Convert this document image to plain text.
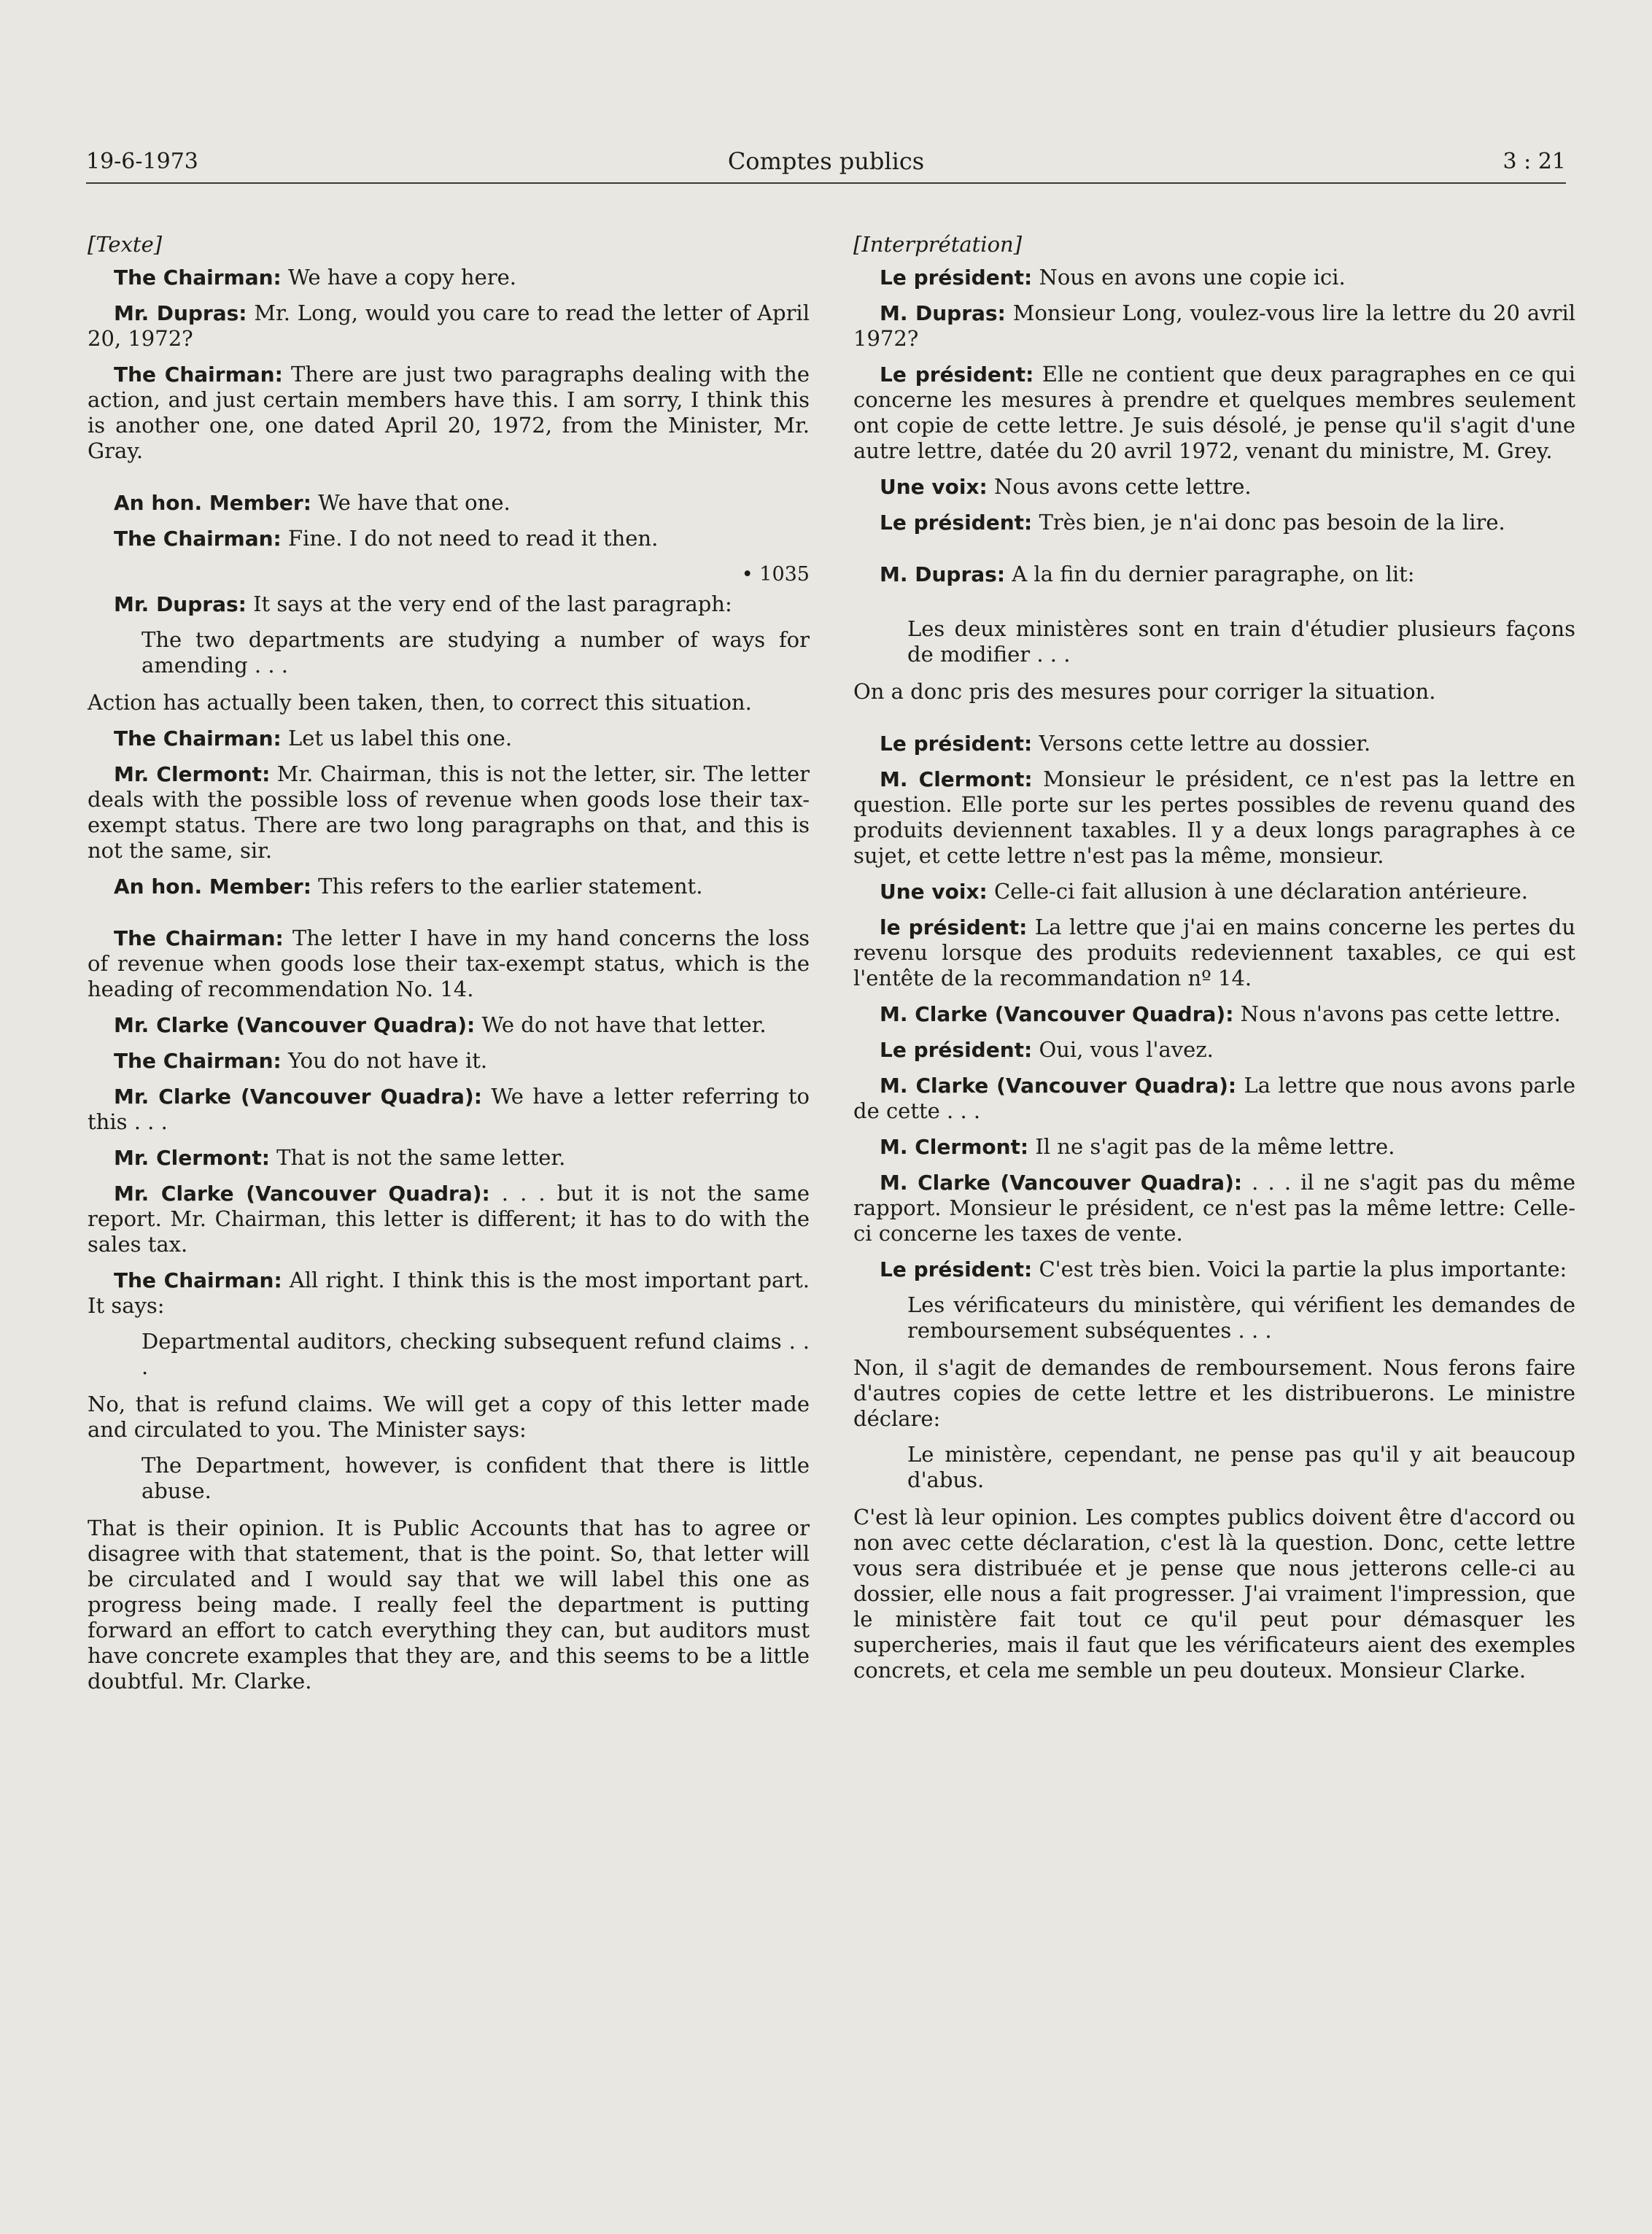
19-6-1973	Comptes publics	3 : 21
[Texte]

The Chairman: We have a copy here.

Mr. Dupras: Mr. Long, would you care to read the letter of April 20, 1972?

The Chairman: There are just two paragraphs dealing with the action, and just certain members have this. I am sorry, I think this is another one, one dated April 20, 1972, from the Minister, Mr. Gray.

An hon. Member: We have that one.

The Chairman: Fine. I do not need to read it then.

• 1035

Mr. Dupras: It says at the very end of the last paragraph:

The two departments are studying a number of ways for amending . . .

Action has actually been taken, then, to correct this situation.

The Chairman: Let us label this one.

Mr. Clermont: Mr. Chairman, this is not the letter, sir. The letter deals with the possible loss of revenue when goods lose their tax-exempt status. There are two long paragraphs on that, and this is not the same, sir.

An hon. Member: This refers to the earlier statement.

The Chairman: The letter I have in my hand concerns the loss of revenue when goods lose their tax-exempt status, which is the heading of recommendation No. 14.

Mr. Clarke (Vancouver Quadra): We do not have that letter.

The Chairman: You do not have it.

Mr. Clarke (Vancouver Quadra): We have a letter referring to this . . .

Mr. Clermont: That is not the same letter.

Mr. Clarke (Vancouver Quadra): . . . but it is not the same report. Mr. Chairman, this letter is different; it has to do with the sales tax.

The Chairman: All right. I think this is the most important part. It says:

Departmental auditors, checking subsequent refund claims . . .

No, that is refund claims. We will get a copy of this letter made and circulated to you. The Minister says:

The Department, however, is confident that there is little abuse.

That is their opinion. It is Public Accounts that has to agree or disagree with that statement, that is the point. So, that letter will be circulated and I would say that we will label this one as progress being made. I really feel the department is putting forward an effort to catch everything they can, but auditors must have concrete examples that they are, and this seems to be a little doubtful. Mr. Clarke.

[Interprétation]

Le président: Nous en avons une copie ici.

M. Dupras: Monsieur Long, voulez-vous lire la lettre du 20 avril 1972?

Le président: Elle ne contient que deux paragraphes en ce qui concerne les mesures à prendre et quelques membres seulement ont copie de cette lettre. Je suis désolé, je pense qu'il s'agit d'une autre lettre, datée du 20 avril 1972, venant du ministre, M. Grey.

Une voix: Nous avons cette lettre.

Le président: Très bien, je n'ai donc pas besoin de la lire.

M. Dupras: A la fin du dernier paragraphe, on lit:

Les deux ministères sont en train d'étudier plusieurs façons de modifier . . .

On a donc pris des mesures pour corriger la situation.

Le président: Versons cette lettre au dossier.

M. Clermont: Monsieur le président, ce n'est pas la lettre en question. Elle porte sur les pertes possibles de revenu quand des produits deviennent taxables. Il y a deux longs paragraphes à ce sujet, et cette lettre n'est pas la même, monsieur.

Une voix: Celle-ci fait allusion à une déclaration antérieure.

le président: La lettre que j'ai en mains concerne les pertes du revenu lorsque des produits redeviennent taxables, ce qui est l'entête de la recommandation nº 14.

M. Clarke (Vancouver Quadra): Nous n'avons pas cette lettre.

Le président: Oui, vous l'avez.

M. Clarke (Vancouver Quadra): La lettre que nous avons parle de cette . . .

M. Clermont: Il ne s'agit pas de la même lettre.

M. Clarke (Vancouver Quadra): . . . il ne s'agit pas du même rapport. Monsieur le président, ce n'est pas la même lettre: Celle-ci concerne les taxes de vente.

Le président: C'est très bien. Voici la partie la plus importante:

Les vérificateurs du ministère, qui vérifient les demandes de remboursement subséquentes . . .

Non, il s'agit de demandes de remboursement. Nous ferons faire d'autres copies de cette lettre et les distribuerons. Le ministre déclare:

Le ministère, cependant, ne pense pas qu'il y ait beaucoup d'abus.

C'est là leur opinion. Les comptes publics doivent être d'accord ou non avec cette déclaration, c'est là la question. Donc, cette lettre vous sera distribuée et je pense que nous jetterons celle-ci au dossier, elle nous a fait progresser. J'ai vraiment l'impression, que le ministère fait tout ce qu'il peut pour démasquer les supercheries, mais il faut que les vérificateurs aient des exemples concrets, et cela me semble un peu douteux. Monsieur Clarke.
